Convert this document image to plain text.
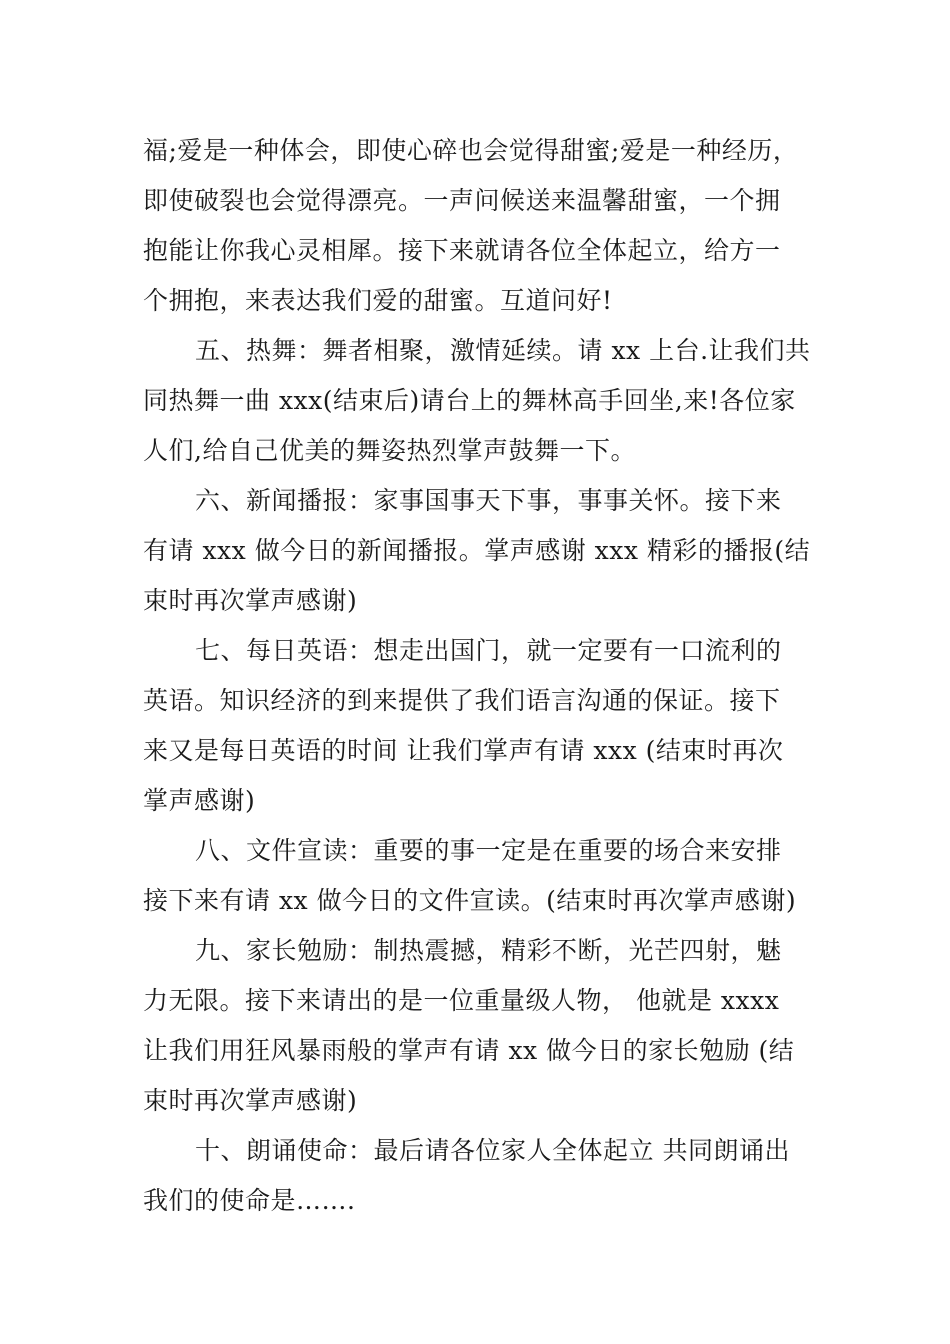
福;爱是一种体会，即使心碎也会觉得甜蜜;爱是一种经历，
即使破裂也会觉得漂亮。一声问候送来温馨甜蜜，一个拥
抱能让你我心灵相犀。接下来就请各位全体起立，给方一
个拥抱，来表达我们爱的甜蜜。互道问好!
五、热舞：舞者相聚，激情延续。请 xx 上台.让我们共
同热舞一曲 xxx(结束后)请台上的舞林高手回坐,来!各位家
人们,给自己优美的舞姿热烈掌声鼓舞一下。
六、新闻播报：家事国事天下事，事事关怀。接下来
有请 xxx 做今日的新闻播报。掌声感谢 xxx 精彩的播报(结
束时再次掌声感谢)
七、每日英语：想走出国门，就一定要有一口流利的
英语。知识经济的到来提供了我们语言沟通的保证。接下
来又是每日英语的时间 让我们掌声有请 xxx (结束时再次
掌声感谢)
八、文件宣读：重要的事一定是在重要的场合来安排
接下来有请 xx 做今日的文件宣读。(结束时再次掌声感谢)
九、家长勉励：制热震撼，精彩不断，光芒四射，魅
力无限。接下来请出的是一位重量级人物， 他就是 xxxx
让我们用狂风暴雨般的掌声有请 xx 做今日的家长勉励 (结
束时再次掌声感谢)
十、朗诵使命：最后请各位家人全体起立 共同朗诵出
我们的使命是…….
